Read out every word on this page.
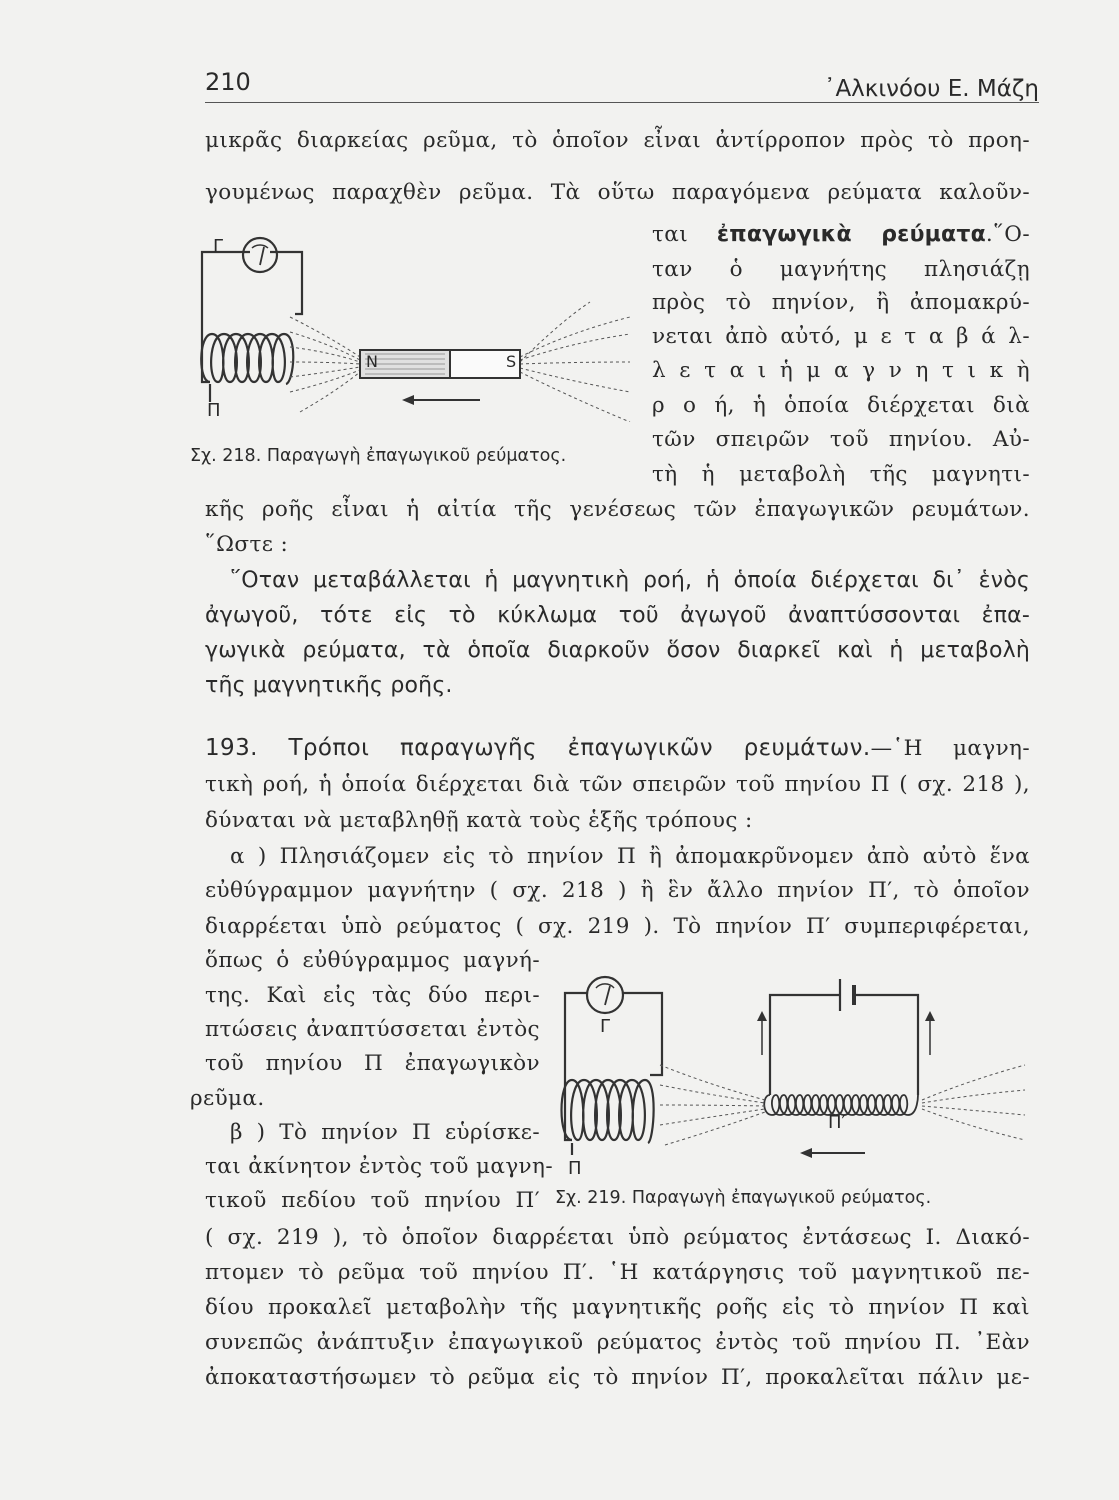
210	᾿Αλκινόου Ε. Μάζη
μικρᾶς διαρκείας ρεῦμα, τὸ ὁποῖον εἶναι ἀντίρροπον πρὸς τὸ προη-
γουμένως παραχθὲν ρεῦμα. Τὰ οὕτω παραγόμενα ρεύματα καλοῦν-
ται ἐπαγωγικὰ ρεύματα.῞Ο-
ταν ὁ μαγνήτης πλησιάζῃ
πρὸς τὸ πηνίον, ἢ ἀπομακρύ-
νεται ἀπὸ αὐτό, μ ε τ α β ά λ-
λ ε τ α ι ἡ μ α γ ν η τ ι κ ὴ
ρ ο ή, ἡ ὁποία διέρχεται διὰ
τῶν σπειρῶν τοῦ πηνίου. Αὐ-
τὴ ἡ μεταβολὴ τῆς μαγνητι-
κῆς ροῆς εἶναι ἡ αἰτία τῆς γενέσεως τῶν ἐπαγωγικῶν ρευμάτων.
῞Ωστε :
Γ
Π
N	S
Σχ. 218. Παραγωγὴ ἐπαγωγικοῦ ρεύματος.
῞Οταν μεταβάλλεται ἡ μαγνητικὴ ροή, ἡ ὁποία διέρχεται δι᾿ ἑνὸς
ἀγωγοῦ, τότε εἰς τὸ κύκλωμα τοῦ ἀγωγοῦ ἀναπτύσσονται ἐπα-
γωγικὰ ρεύματα, τὰ ὁποῖα διαρκοῦν ὅσον διαρκεῖ καὶ ἡ μεταβολὴ
τῆς μαγνητικῆς ροῆς.
193. Τρόποι παραγωγῆς ἐπαγωγικῶν ρευμάτων.—῾Η μαγνη-
τικὴ ροή, ἡ ὁποία διέρχεται διὰ τῶν σπειρῶν τοῦ πηνίου Π ( σχ. 218 ),
δύναται νὰ μεταβληθῇ κατὰ τοὺς ἑξῆς τρόπους :
α ) Πλησιάζομεν εἰς τὸ πηνίον Π ἢ ἀπομακρῦνομεν ἀπὸ αὐτὸ ἕνα
εὐθύγραμμον μαγνήτην ( σχ. 218 ) ἢ ἓν ἄλλο πηνίον Π′, τὸ ὁποῖον
διαρρέεται ὑπὸ ρεύματος ( σχ. 219 ). Τὸ πηνίον Π′ συμπεριφέρεται,
ὅπως ὁ εὐθύγραμμος μαγνή-
της. Καὶ εἰς τὰς δύο περι-
πτώσεις ἀναπτύσσεται ἐντὸς
τοῦ πηνίου Π ἐπαγωγικὸν
ρεῦμα.
β ) Τὸ πηνίον Π εὑρίσκε-
ται ἀκίνητον ἐντὸς τοῦ μαγνη-
τικοῦ πεδίου τοῦ πηνίου Π′
Γ
Π
Π′
Σχ. 219. Παραγωγὴ ἐπαγωγικοῦ ρεύματος.
( σχ. 219 ), τὸ ὁποῖον διαρρέεται ὑπὸ ρεύματος ἐντάσεως I. Διακό-
πτομεν τὸ ρεῦμα τοῦ πηνίου Π′. ῾Η κατάργησις τοῦ μαγνητικοῦ πε-
δίου προκαλεῖ μεταβολὴν τῆς μαγνητικῆς ροῆς εἰς τὸ πηνίον Π καὶ
συνεπῶς ἀνάπτυξιν ἐπαγωγικοῦ ρεύματος ἐντὸς τοῦ πηνίου Π. ᾿Εὰν
ἀποκαταστήσωμεν τὸ ρεῦμα εἰς τὸ πηνίον Π′, προκαλεῖται πάλιν με-
